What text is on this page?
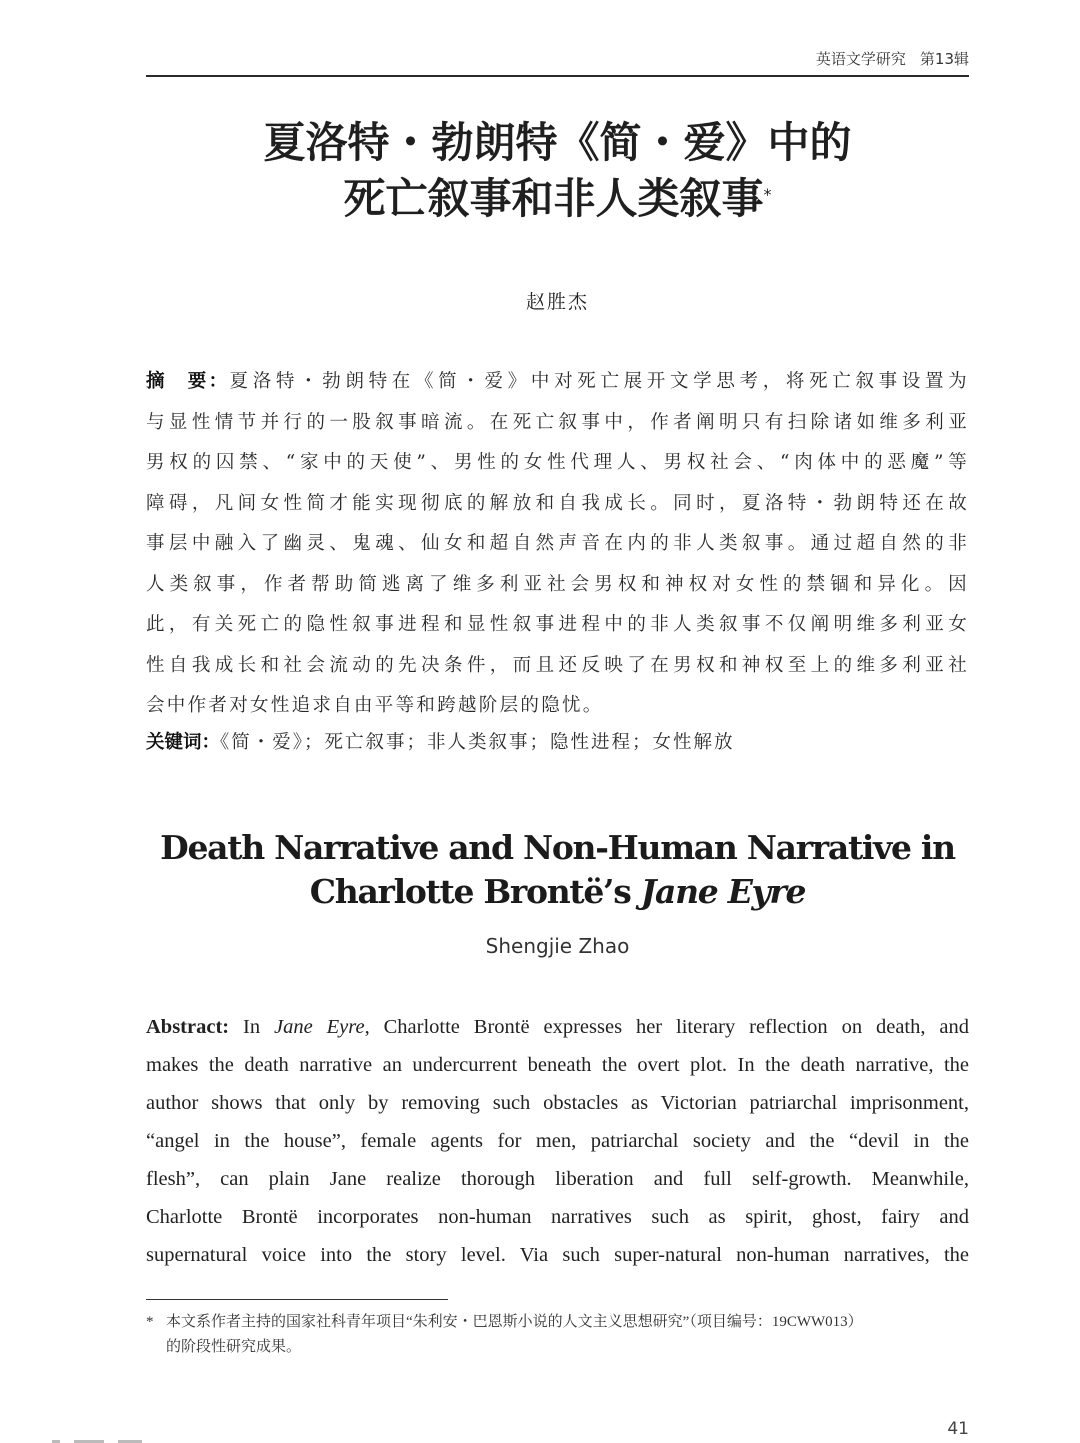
英语文学研究 第13辑
夏洛特・勃朗特《简・爱》中的
死亡叙事和非人类叙事*
赵胜杰
摘　要：夏洛特・勃朗特在《简・爱》中对死亡展开文学思考，将死亡叙事设置为
与显性情节并行的一股叙事暗流。在死亡叙事中，作者阐明只有扫除诸如维多利亚
男权的囚禁、“家中的天使”、男性的女性代理人、男权社会、“肉体中的恶魔”等
障碍，凡间女性简才能实现彻底的解放和自我成长。同时，夏洛特・勃朗特还在故
事层中融入了幽灵、鬼魂、仙女和超自然声音在内的非人类叙事。通过超自然的非
人类叙事，作者帮助简逃离了维多利亚社会男权和神权对女性的禁锢和异化。因
此，有关死亡的隐性叙事进程和显性叙事进程中的非人类叙事不仅阐明维多利亚女
性自我成长和社会流动的先决条件，而且还反映了在男权和神权至上的维多利亚社
会中作者对女性追求自由平等和跨越阶层的隐忧。
关键词：《简・爱》；死亡叙事；非人类叙事；隐性进程；女性解放
Death Narrative and Non-Human Narrative in
Charlotte Brontë’s Jane Eyre
Shengjie Zhao
Abstract: In Jane Eyre, Charlotte Brontë expresses her literary reflection on death, and
makes the death narrative an undercurrent beneath the overt plot. In the death narrative, the
author shows that only by removing such obstacles as Victorian patriarchal imprisonment,
“angel in the house”, female agents for men, patriarchal society and the “devil in the
flesh”, can plain Jane realize thorough liberation and full self-growth. Meanwhile,
Charlotte Brontë incorporates non-human narratives such as spirit, ghost, fairy and
supernatural voice into the story level. Via such super-natural non-human narratives, the
* 本文系作者主持的国家社科青年项目“朱利安・巴恩斯小说的人文主义思想研究”（项目编号：19CWW013）
的阶段性研究成果。
41
